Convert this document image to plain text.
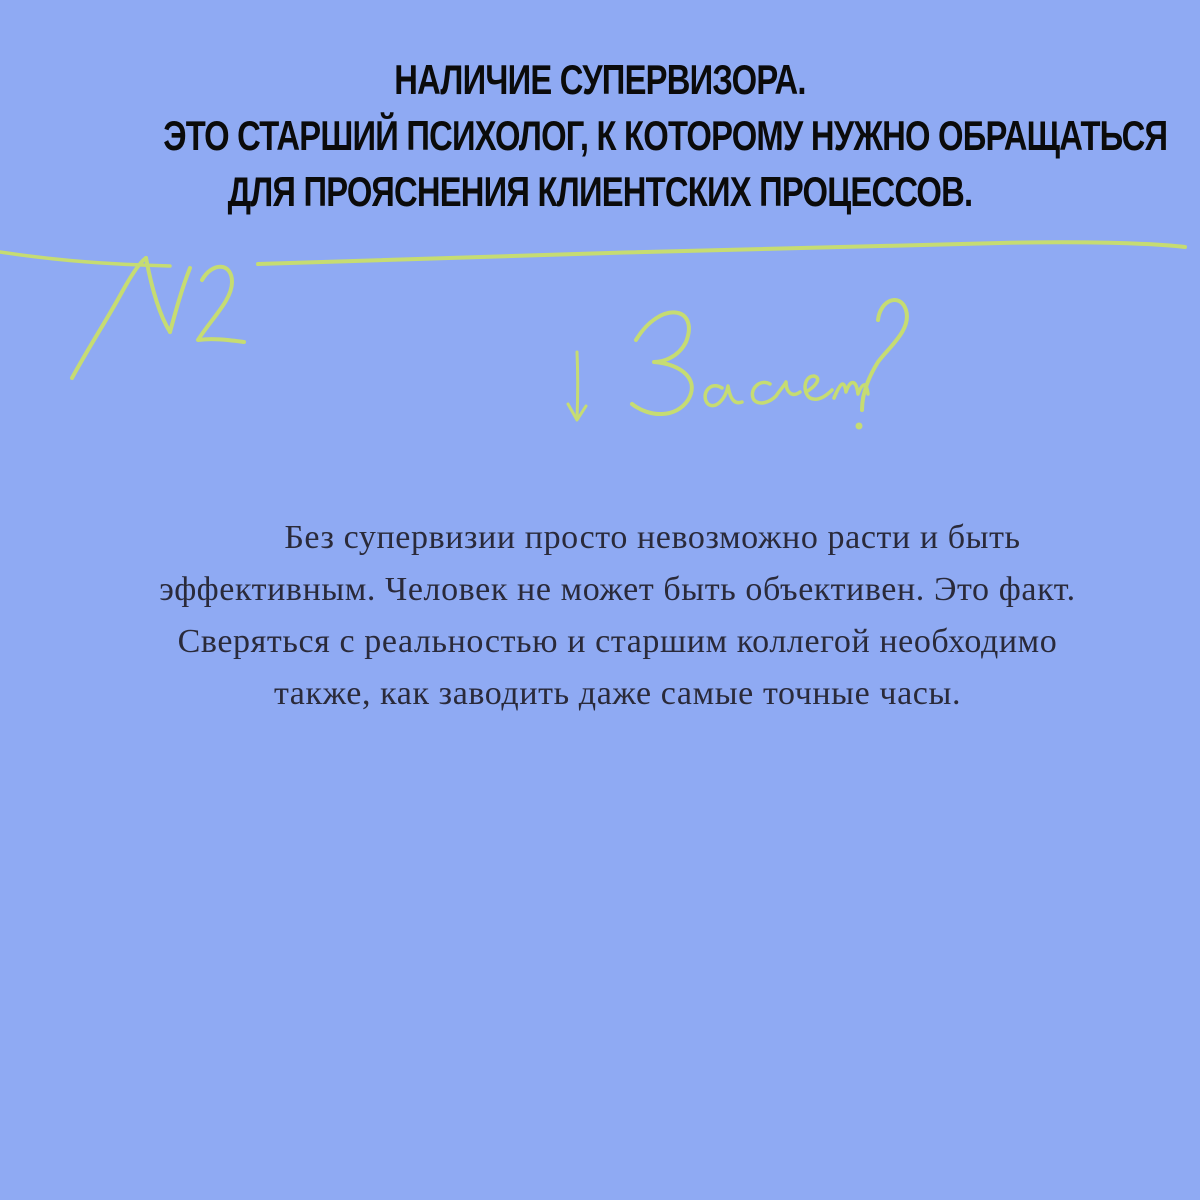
НАЛИЧИЕ СУПЕРВИЗОРА.
ЭТО СТАРШИЙ ПСИХОЛОГ, К КОТОРОМУ НУЖНО ОБРАЩАТЬСЯ
ДЛЯ ПРОЯСНЕНИЯ КЛИЕНТСКИХ ПРОЦЕССОВ.

Без супервизии просто невозможно расти и быть эффективным. Человек не может быть объективен. Это факт. Сверяться с реальностью и старшим коллегой необходимо также, как заводить даже самые точные часы.
